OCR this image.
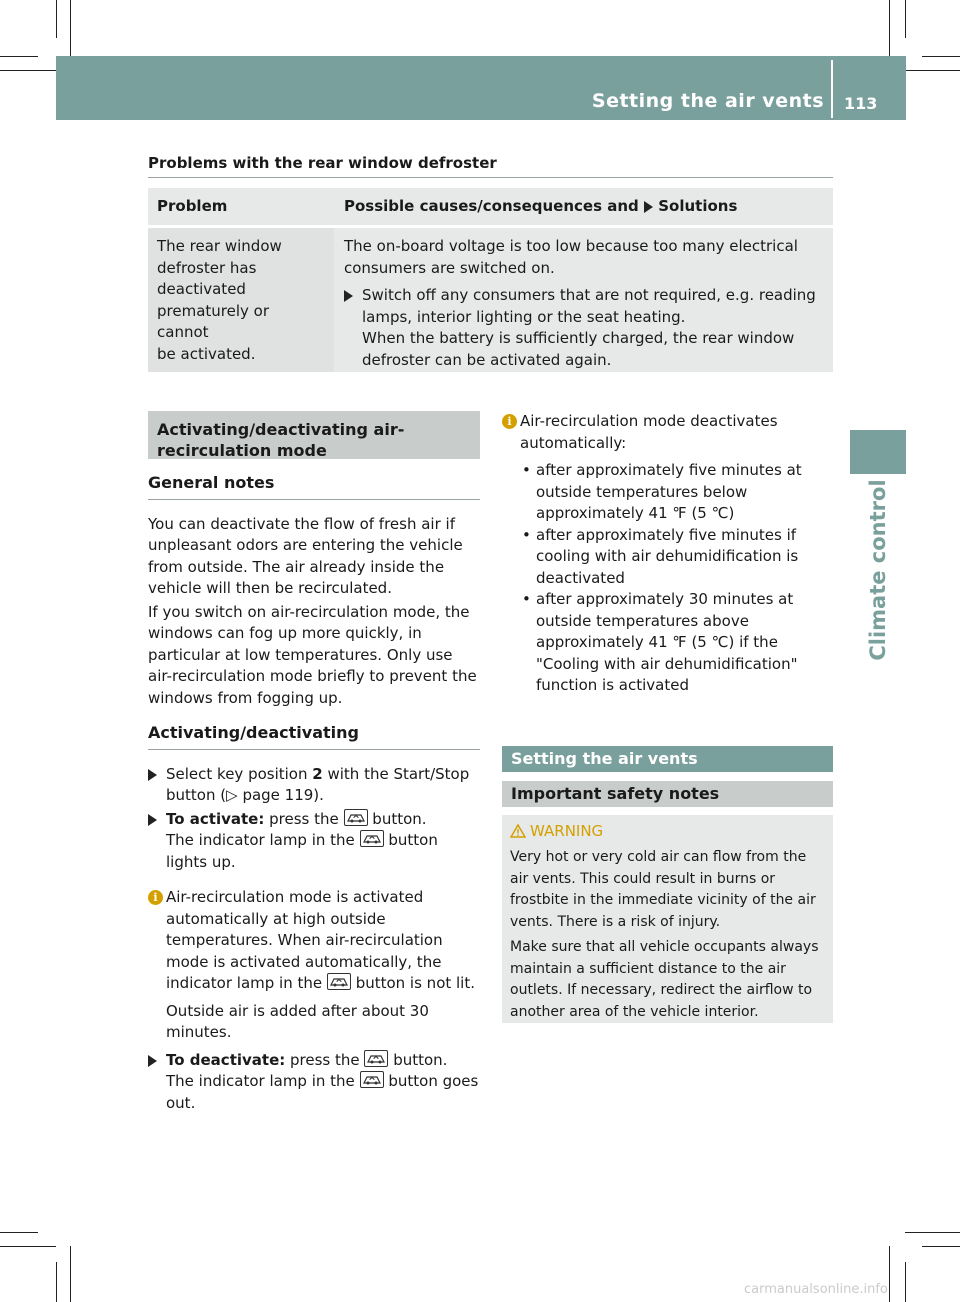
Setting the air vents 113
Climate control
Problems with the rear window defroster
Problem	Possible causes/consequences and Solutions
The rear window
defroster has
deactivated
prematurely or cannot
be activated.

The on-board voltage is too low because too many electrical consumers are switched on.

Switch off any consumers that are not required, e.g. reading lamps, interior lighting or the seat heating.

When the battery is sufficiently charged, the rear window defroster can be activated again.

Activating/deactivating air-recirculation mode
General notes

You can deactivate the flow of fresh air if unpleasant odors are entering the vehicle from outside. The air already inside the vehicle will then be recirculated.

If you switch on air-recirculation mode, the windows can fog up more quickly, in particular at low temperatures. Only use air-recirculation mode briefly to prevent the windows from fogging up.

Activating/deactivating
Select key position 2 with the Start/Stop button (▷ page 119).
To activate: press the button.
The indicator lamp in the button lights up.
i Air-recirculation mode is activated automatically at high outside temperatures. When air-recirculation mode is activated automatically, the indicator lamp in the button is not lit.

Outside air is added after about 30 minutes.

To deactivate: press the button.
The indicator lamp in the button goes out.
i Air-recirculation mode deactivates automatically:
• after approximately five minutes at outside temperatures below approximately 41 ℉ (5 ℃)
• after approximately five minutes if cooling with air dehumidification is deactivated
• after approximately 30 minutes at outside temperatures above approximately 41 ℉ (5 ℃) if the "Cooling with air dehumidification" function is activated
Setting the air vents
Important safety notes
WARNING

Very hot or very cold air can flow from the air vents. This could result in burns or frostbite in the immediate vicinity of the air vents. There is a risk of injury.

Make sure that all vehicle occupants always maintain a sufficient distance to the air outlets. If necessary, redirect the airflow to another area of the vehicle interior.

carmanualsonline.info
